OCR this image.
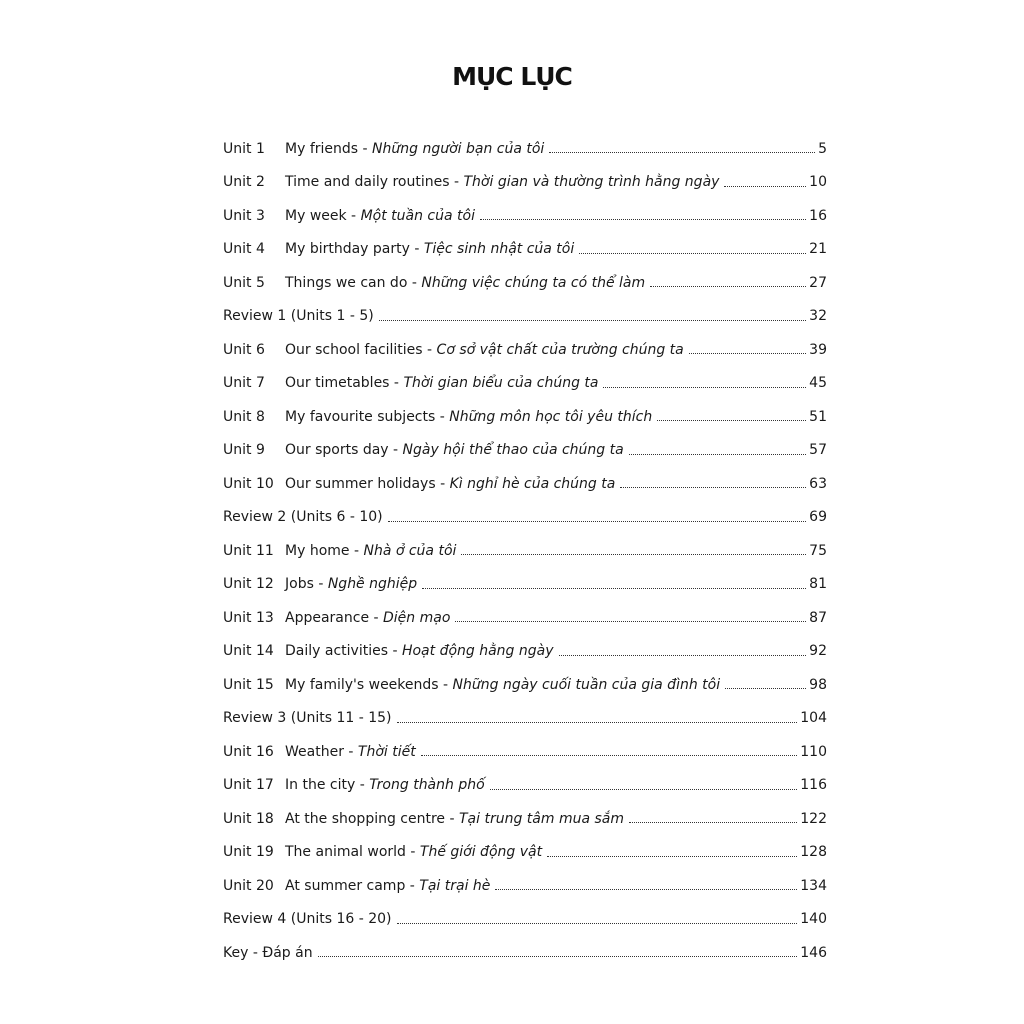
MỤC LỤC
Unit 1	My friends - Những người bạn của tôi	5
Unit 2	Time and daily routines - Thời gian và thường trình hằng ngày	10
Unit 3	My week - Một tuần của tôi	16
Unit 4	My birthday party - Tiệc sinh nhật của tôi	21
Unit 5	Things we can do - Những việc chúng ta có thể làm	27
Review 1 (Units 1 - 5)	32
Unit 6	Our school facilities - Cơ sở vật chất của trường chúng ta	39
Unit 7	Our timetables - Thời gian biểu của chúng ta	45
Unit 8	My favourite subjects - Những môn học tôi yêu thích	51
Unit 9	Our sports day - Ngày hội thể thao của chúng ta	57
Unit 10 Our summer holidays - Kì nghỉ hè của chúng ta	63
Review 2 (Units 6 - 10)	69
Unit 11 My home - Nhà ở của tôi	75
Unit 12 Jobs - Nghề nghiệp	81
Unit 13 Appearance - Diện mạo	87
Unit 14 Daily activities - Hoạt động hằng ngày	92
Unit 15 My family's weekends - Những ngày cuối tuần của gia đình tôi	98
Review 3 (Units 11 - 15)	104
Unit 16 Weather - Thời tiết	110
Unit 17 In the city - Trong thành phố	116
Unit 18 At the shopping centre - Tại trung tâm mua sắm	122
Unit 19 The animal world - Thế giới động vật	128
Unit 20 At summer camp - Tại trại hè	134
Review 4 (Units 16 - 20)	140
Key - Đáp án	146
